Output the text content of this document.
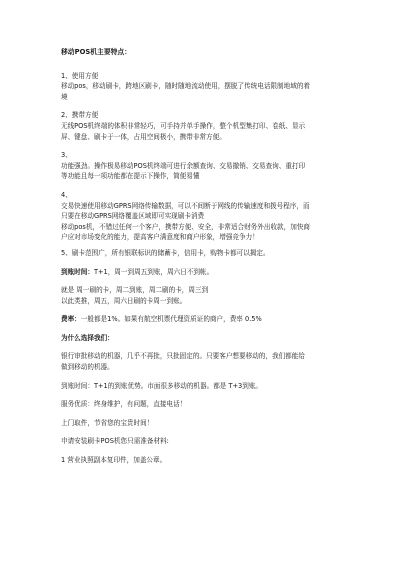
移动POS机主要特点：

1、使用方便
移动pos，移动刷卡，跨地区刷卡，随时随地流动使用，摆脱了传统电话限制地域的着
境
2、携带方便
无线POS机终端的体积非常轻巧，可手持并单手操作，整个机型集打印、卷纸、显示
屏、键盘、刷卡于一体，占用空间极小，携带非常方便。
3、
功能强劲。操作极易移动POS机终端可进行余额查询、交易撤销、交易查询、重打印
等功能且每一项功能都在提示下操作，简便易懂
4、
交易快速使用移动GPRS网络传输数据，可以不间断于网线的传输速度和拨号程序，而
只要在移动GPRS网络覆盖区域即可实现刷卡消费
移动pos机，不错过任何一个客户，携带方便、安全，非常适合财务外出收款，加快商
户应对市场变化的能力，提高客户满意度和商户形象，增强竞争力！
5、刷卡范围广，所有银联标识的储蓄卡，信用卡，购物卡都可以揭定。
到账时间：T+1，周一到周五到账，周六日不到帐。
就是 周一刷的卡，周二到账，周二刷的卡，周三到
以此类推，周五，周六日刷的卡周一到账。
费率：一般都是1%。如果有航空机票代理资质证的商户，费率 0.5%
为什么选择我们：
银行审批移动的机器，几乎不再批，只批固定的。只要客户想要移动的，我们都能给
做到移动的机器。
到账时间：T+1的到账优势。市面很多移动的机器。都是 T+3到账。
服务优质：终身维护，有问题，直接电话！
上门取件，节省您的宝贵时间！
申请安装刷卡POS机您只需准备材料:
1 营业执照副本复印件，加盖公章。
